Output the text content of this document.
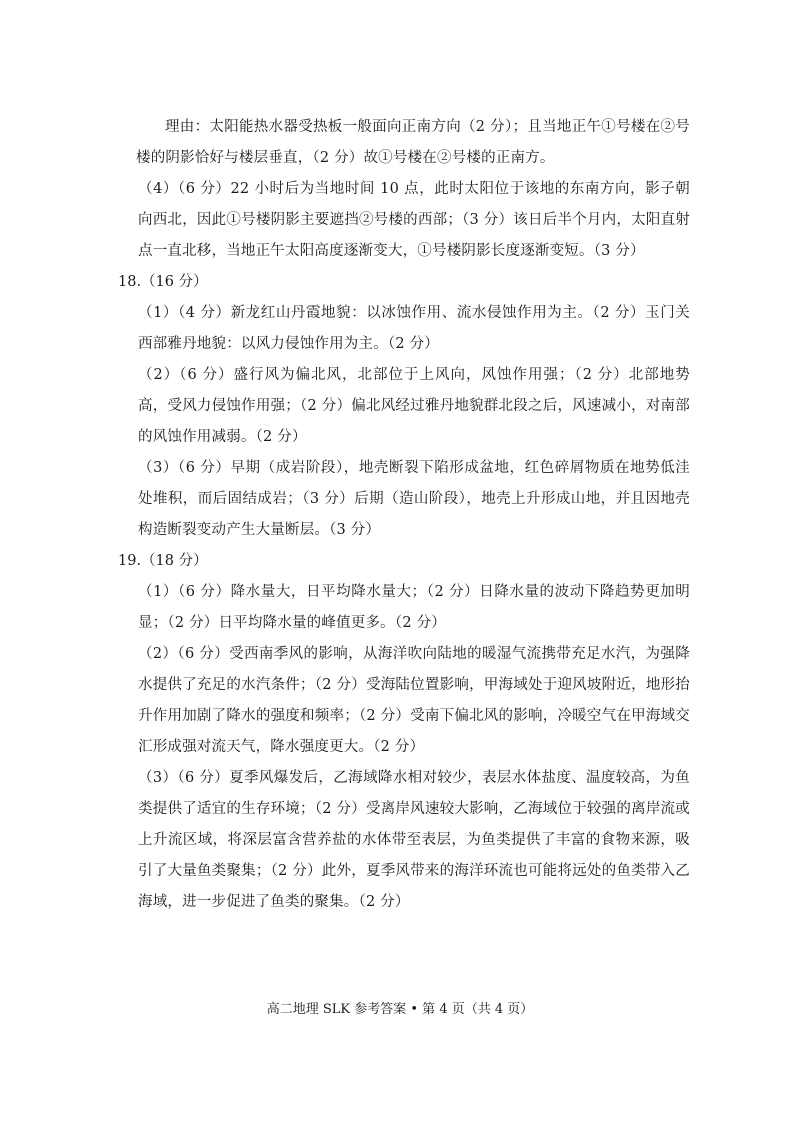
理由：太阳能热水器受热板一般面向正南方向（2 分）；且当地正午①号楼在②号楼的阴影恰好与楼层垂直，（2 分）故①号楼在②号楼的正南方。

（4）（6 分）22 小时后为当地时间 10 点，此时太阳位于该地的东南方向，影子朝向西北，因此①号楼阴影主要遮挡②号楼的西部；（3 分）该日后半个月内，太阳直射点一直北移，当地正午太阳高度逐渐变大，①号楼阴影长度逐渐变短。（3 分）

18.（16 分）

（1）（4 分）新龙红山丹霞地貌：以冰蚀作用、流水侵蚀作用为主。（2 分）玉门关西部雅丹地貌：以风力侵蚀作用为主。（2 分）

（2）（6 分）盛行风为偏北风，北部位于上风向，风蚀作用强；（2 分）北部地势高，受风力侵蚀作用强；（2 分）偏北风经过雅丹地貌群北段之后，风速减小，对南部的风蚀作用减弱。（2 分）

（3）（6 分）早期（成岩阶段），地壳断裂下陷形成盆地，红色碎屑物质在地势低洼处堆积，而后固结成岩；（3 分）后期（造山阶段），地壳上升形成山地，并且因地壳构造断裂变动产生大量断层。（3 分）

19.（18 分）

（1）（6 分）降水量大，日平均降水量大；（2 分）日降水量的波动下降趋势更加明显；（2 分）日平均降水量的峰值更多。（2 分）

（2）（6 分）受西南季风的影响，从海洋吹向陆地的暖湿气流携带充足水汽，为强降水提供了充足的水汽条件；（2 分）受海陆位置影响，甲海域处于迎风坡附近，地形抬升作用加剧了降水的强度和频率；（2 分）受南下偏北风的影响，冷暖空气在甲海域交汇形成强对流天气，降水强度更大。（2 分）

（3）（6 分）夏季风爆发后，乙海域降水相对较少，表层水体盐度、温度较高，为鱼类提供了适宜的生存环境；（2 分）受离岸风速较大影响，乙海域位于较强的离岸流或上升流区域，将深层富含营养盐的水体带至表层，为鱼类提供了丰富的食物来源，吸引了大量鱼类聚集；（2 分）此外，夏季风带来的海洋环流也可能将远处的鱼类带入乙海域，进一步促进了鱼类的聚集。（2 分）

高二地理 SLK 参考答案 • 第 4 页（共 4 页）
